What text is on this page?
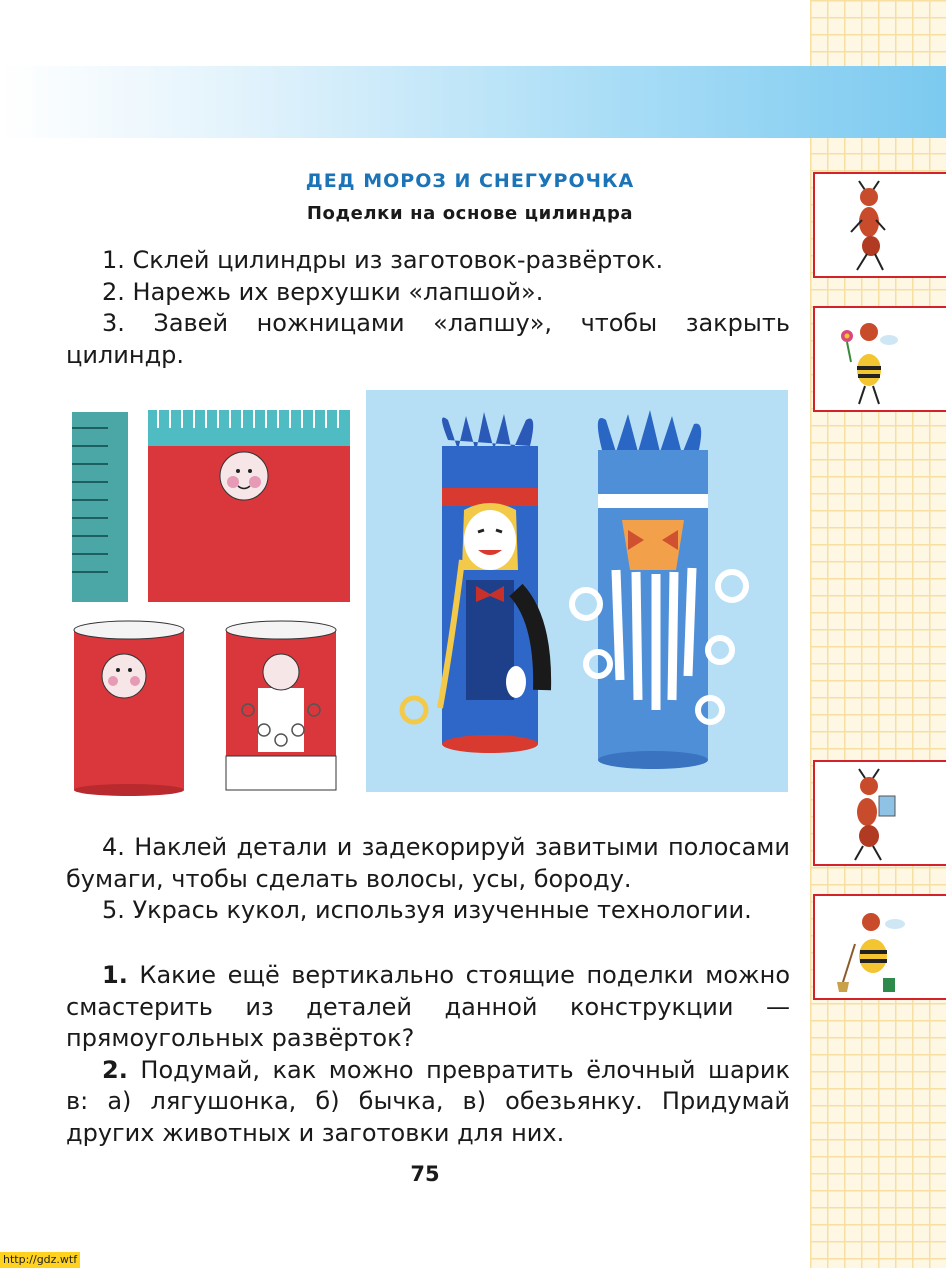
ДЕД МОРОЗ И СНЕГУРОЧКА
Поделки на основе цилиндра

1. Склей цилиндры из заготовок-развёрток.

2. Нарежь их верхушки «лапшой».

3. Завей ножницами «лапшу», чтобы закрыть цилиндр.

4. Наклей детали и задекорируй завитыми полосами бумаги, чтобы сделать волосы, усы, бороду.

5. Укрась кукол, используя изученные технологии.

1. Какие ещё вертикально стоящие поделки можно смастерить из деталей данной конструкции — прямоугольных развёрток?

2. Подумай, как можно превратить ёлочный шарик в: а) лягушонка, б) бычка, в) обезьянку. Придумай других животных и заготовки для них.

75
http://gdz.wtf
